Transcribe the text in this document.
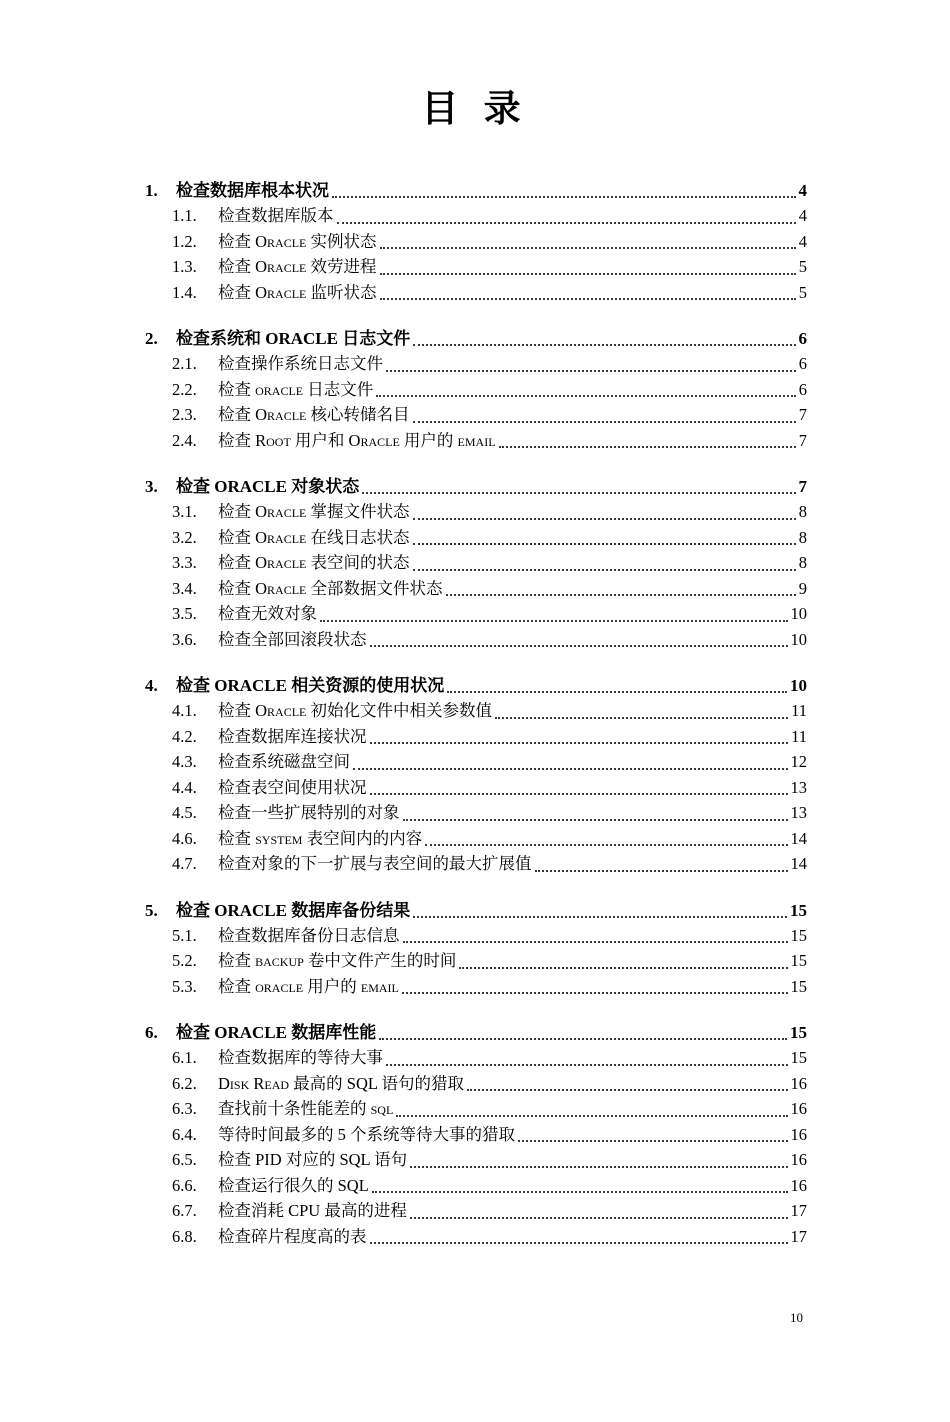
目 录
1.	检查数据库根本状况	4
1.1.	检查数据库版本	4
1.2.	检查 Oracle 实例状态	4
1.3.	检查 Oracle 效劳进程	5
1.4.	检查 Oracle 监听状态	5
2.	检查系统和 ORACLE 日志文件	6
2.1.	检查操作系统日志文件	6
2.2.	检查 oracle 日志文件	6
2.3.	检查 Oracle 核心转储名目	7
2.4.	检查 Root 用户和 Oracle 用户的 email	7
3.	检查 ORACLE 对象状态	7
3.1.	检查 Oracle 掌握文件状态	8
3.2.	检查 Oracle 在线日志状态	8
3.3.	检查 Oracle 表空间的状态	8
3.4.	检查 Oracle 全部数据文件状态	9
3.5.	检查无效对象	10
3.6.	检查全部回滚段状态	10
4.	检查 ORACLE 相关资源的使用状况	10
4.1.	检查 Oracle 初始化文件中相关参数值	11
4.2.	检查数据库连接状况	11
4.3.	检查系统磁盘空间	12
4.4.	检查表空间使用状况	13
4.5.	检查一些扩展特别的对象	13
4.6.	检查 system 表空间内的内容	14
4.7.	检查对象的下一扩展与表空间的最大扩展值	14
5.	检查 ORACLE 数据库备份结果	15
5.1.	检查数据库备份日志信息	15
5.2.	检查 backup 卷中文件产生的时间	15
5.3.	检查 oracle 用户的 email	15
6.	检查 ORACLE 数据库性能	15
6.1.	检查数据库的等待大事	15
6.2.	Disk Read 最高的 SQL 语句的猎取	16
6.3.	查找前十条性能差的 sql	16
6.4.	等待时间最多的 5 个系统等待大事的猎取	16
6.5.	检查 PID 对应的 SQL 语句	16
6.6.	检查运行很久的 SQL	16
6.7.	检查消耗 CPU 最高的进程	17
6.8.	检查碎片程度高的表	17
10
